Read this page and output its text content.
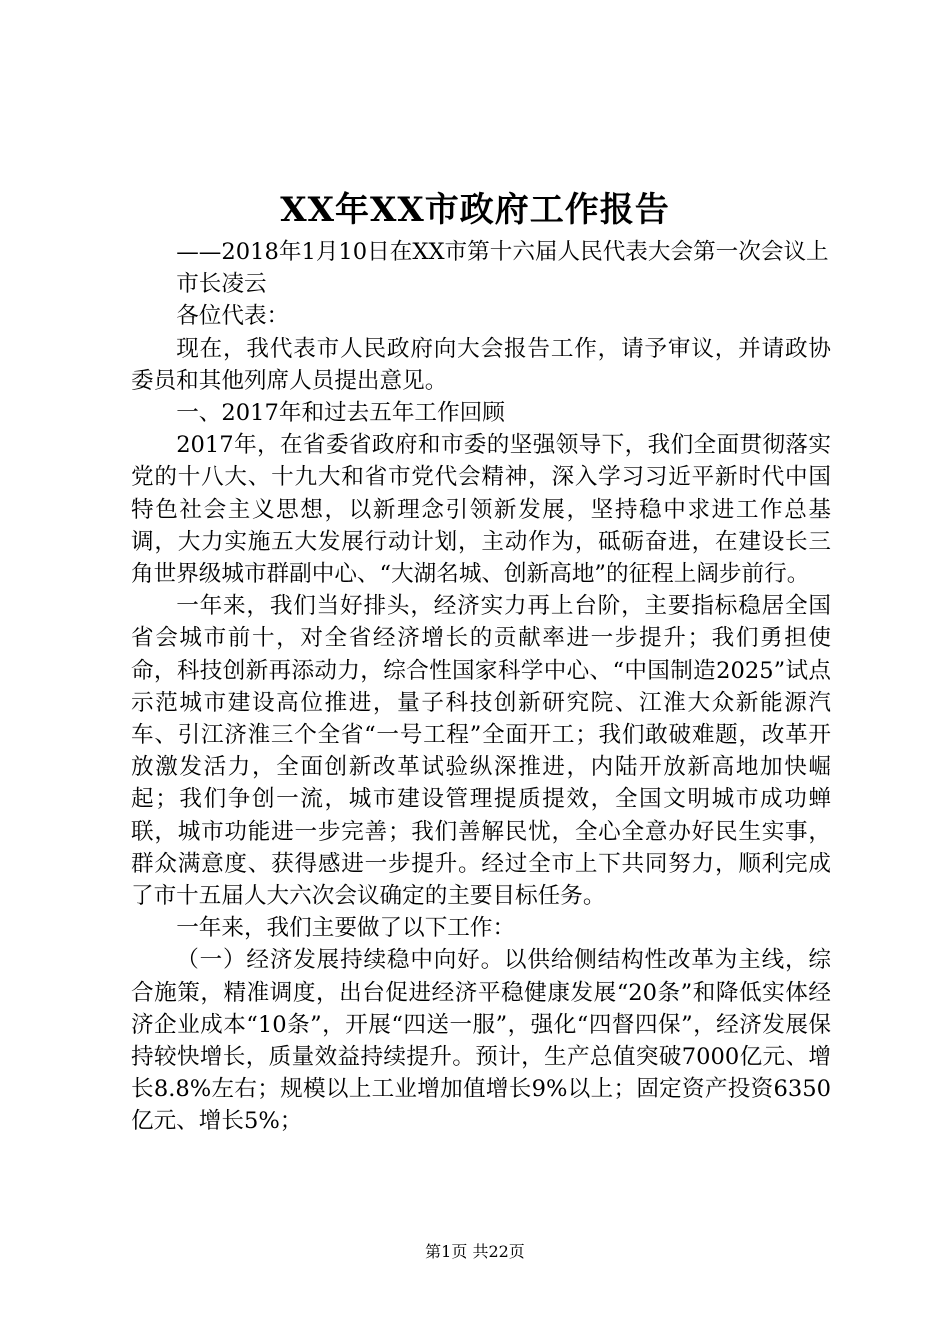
XX年XX市政府工作报告

——2018年1月10日在XX市第十六届人民代表大会第一次会议上

市长凌云

各位代表：

现在，我代表市人民政府向大会报告工作，请予审议，并请政协委员和其他列席人员提出意见。

一、2017年和过去五年工作回顾

2017年，在省委省政府和市委的坚强领导下，我们全面贯彻落实党的十八大、十九大和省市党代会精神，深入学习习近平新时代中国特色社会主义思想，以新理念引领新发展，坚持稳中求进工作总基调，大力实施五大发展行动计划，主动作为，砥砺奋进，在建设长三角世界级城市群副中心、“大湖名城、创新高地”的征程上阔步前行。

一年来，我们当好排头，经济实力再上台阶，主要指标稳居全国省会城市前十，对全省经济增长的贡献率进一步提升；我们勇担使命，科技创新再添动力，综合性国家科学中心、“中国制造2025”试点示范城市建设高位推进，量子科技创新研究院、江淮大众新能源汽车、引江济淮三个全省“一号工程”全面开工；我们敢破难题，改革开放激发活力，全面创新改革试验纵深推进，内陆开放新高地加快崛起；我们争创一流，城市建设管理提质提效，全国文明城市成功蝉联，城市功能进一步完善；我们善解民忧，全心全意办好民生实事，群众满意度、获得感进一步提升。经过全市上下共同努力，顺利完成了市十五届人大六次会议确定的主要目标任务。

一年来，我们主要做了以下工作：

（一）经济发展持续稳中向好。以供给侧结构性改革为主线，综合施策，精准调度，出台促进经济平稳健康发展“20条”和降低实体经济企业成本“10条”，开展“四送一服”，强化“四督四保”，经济发展保持较快增长，质量效益持续提升。预计，生产总值突破7000亿元、增长8.8%左右；规模以上工业增加值增长9%以上；固定资产投资6350亿元、增长5%；

第1页 共22页
